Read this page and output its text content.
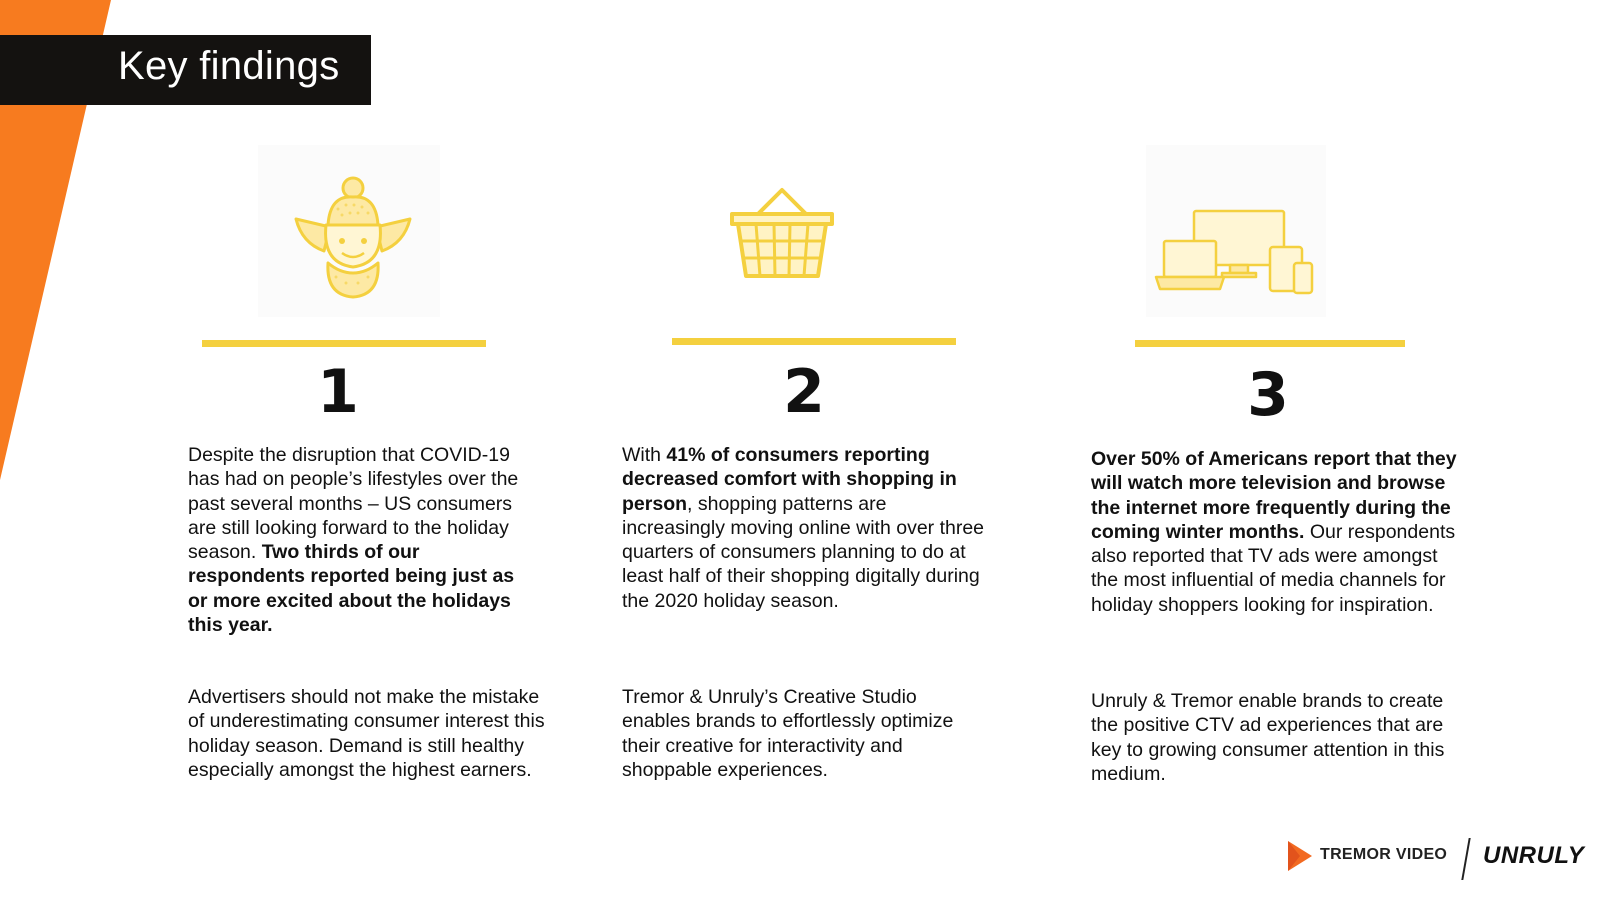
Key findings
1	2	3

Despite the disruption that COVID-19 has had on people’s lifestyles over the past several months – US consumers are still looking forward to the holiday season. Two thirds of our respondents reported being just as or more excited about the holidays this year.

Advertisers should not make the mistake of underestimating consumer interest this holiday season. Demand is still healthy especially amongst the highest earners.

With 41% of consumers reporting decreased comfort with shopping in person, shopping patterns are increasingly moving online with over three quarters of consumers planning to do at least half of their shopping digitally during the 2020 holiday season.

Tremor & Unruly’s Creative Studio enables brands to effortlessly optimize their creative for interactivity and shoppable experiences.

Over 50% of Americans report that they will watch more television and browse the internet more frequently during the coming winter months. Our respondents also reported that TV ads were amongst the most influential of media channels for holiday shoppers looking for inspiration.

Unruly & Tremor enable brands to create the positive CTV ad experiences that are key to growing consumer attention in this medium.

TREMOR VIDEO UNRULY
